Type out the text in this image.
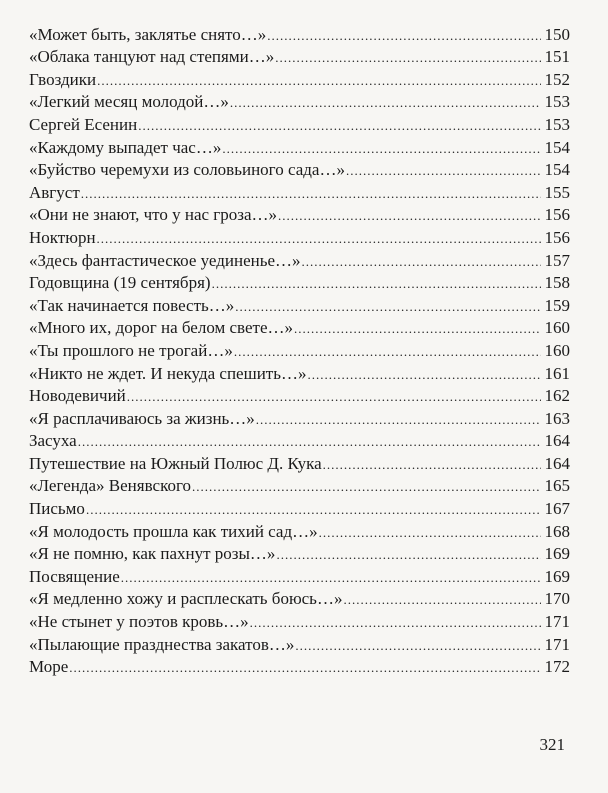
«Может быть, заклятье снято…» .....	150
«Облака танцуют над степями…» .....	151
Гвоздики .....	152
«Легкий месяц молодой…» .....	153
Сергей Есенин .....	153
«Каждому выпадет час…» .....	154
«Буйство черемухи из соловьиного сада…» .....	154
Август .....	155
«Они не знают, что у нас гроза…» .....	156
Ноктюрн .....	156
«Здесь фантастическое уединенье…» .....	157
Годовщина (19 сентября) .....	158
«Так начинается повесть…» .....	159
«Много их, дорог на белом свете…» .....	160
«Ты прошлого не трогай…» .....	160
«Никто не ждет. И некуда спешить…» .....	161
Новодевичий .....	162
«Я расплачиваюсь за жизнь…» .....	163
Засуха .....	164
Путешествие на Южный Полюс Д. Кука .....	164
«Легенда» Венявского .....	165
Письмо .....	167
«Я молодость прошла как тихий сад…» .....	168
«Я не помню, как пахнут розы…» .....	169
Посвящение .....	169
«Я медленно хожу и расплескать боюсь…» .....	170
«Не стынет у поэтов кровь…» .....	171
«Пылающие празднества закатов…» .....	171
Море .....	172
321
